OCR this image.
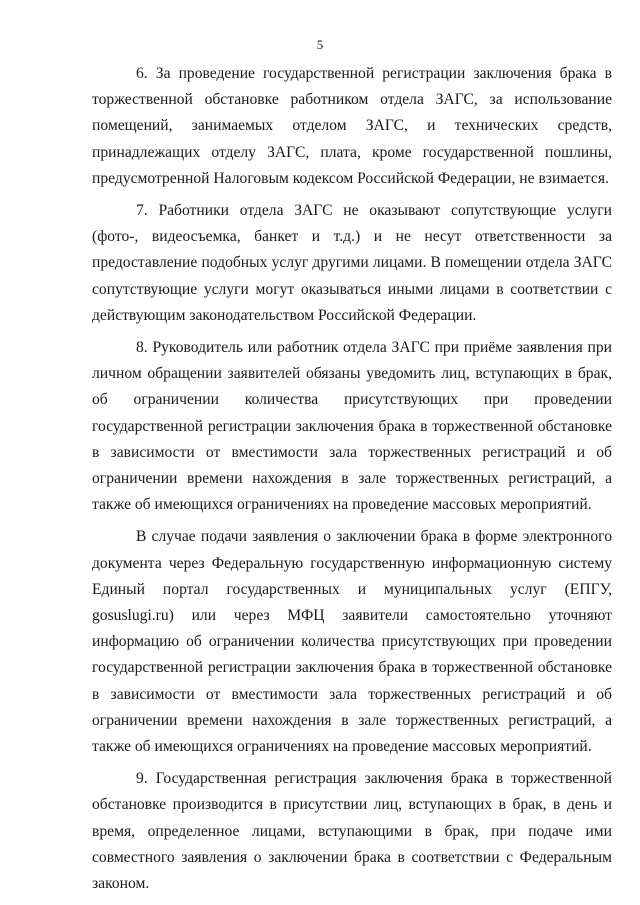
5

6. За проведение государственной регистрации заключения брака в торжественной обстановке работником отдела ЗАГС, за использование помещений, занимаемых отделом ЗАГС, и технических средств, принадлежащих отделу ЗАГС, плата, кроме государственной пошлины, предусмотренной Налоговым кодексом Российской Федерации, не взимается.

7. Работники отдела ЗАГС не оказывают сопутствующие услуги (фото-, видеосъемка, банкет и т.д.) и не несут ответственности за предоставление подобных услуг другими лицами. В помещении отдела ЗАГС сопутствующие услуги могут оказываться иными лицами в соответствии с действующим законодательством Российской Федерации.

8. Руководитель или работник отдела ЗАГС при приёме заявления при личном обращении заявителей обязаны уведомить лиц, вступающих в брак, об ограничении количества присутствующих при проведении государственной регистрации заключения брака в торжественной обстановке в зависимости от вместимости зала торжественных регистраций и об ограничении времени нахождения в зале торжественных регистраций, а также об имеющихся ограничениях на проведение массовых мероприятий.

В случае подачи заявления о заключении брака в форме электронного документа через Федеральную государственную информационную систему Единый портал государственных и муниципальных услуг (ЕПГУ, gosuslugi.ru) или через МФЦ заявители самостоятельно уточняют информацию об ограничении количества присутствующих при проведении государственной регистрации заключения брака в торжественной обстановке в зависимости от вместимости зала торжественных регистраций и об ограничении времени нахождения в зале торжественных регистраций, а также об имеющихся ограничениях на проведение массовых мероприятий.

9. Государственная регистрация заключения брака в торжественной обстановке производится в присутствии лиц, вступающих в брак, в день и время, определенное лицами, вступающими в брак, при подаче ими совместного заявления о заключении брака в соответствии с Федеральным законом.
